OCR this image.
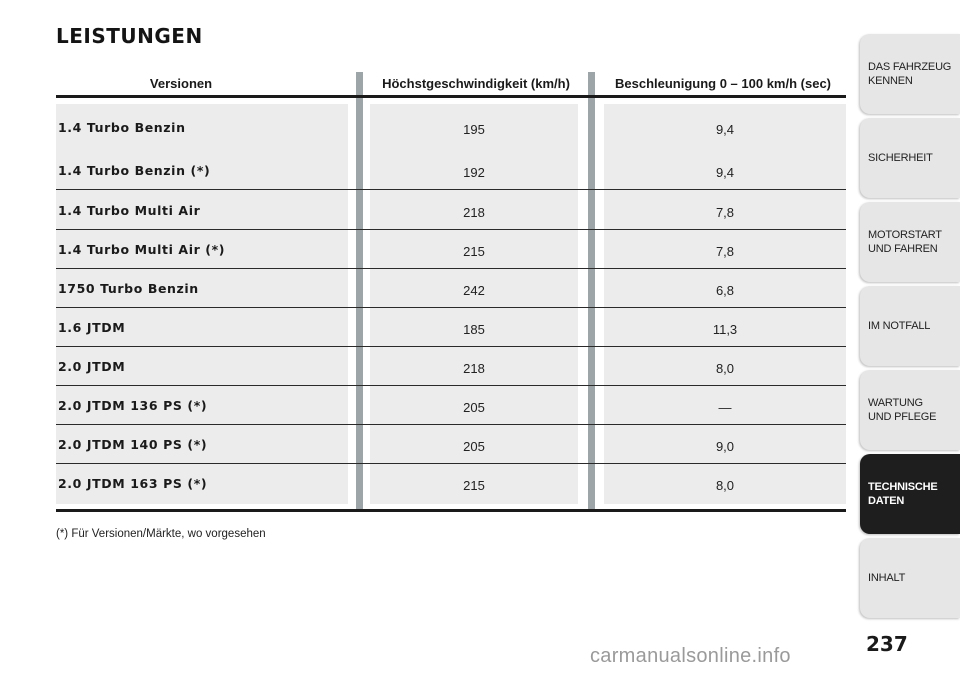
LEISTUNGEN
Versionen	Höchstgeschwindigkeit (km/h)	Beschleunigung 0 – 100 km/h (sec)
1.4 Turbo Benzin	195	9,4
1.4 Turbo Benzin (*)	192	9,4
1.4 Turbo Multi Air	218	7,8
1.4 Turbo Multi Air (*)	215	7,8
1750 Turbo Benzin	242	6,8
1.6 JTDM	185	11,3
2.0 JTDM	218	8,0
2.0 JTDM 136 PS (*)	205	—
2.0 JTDM 140 PS (*)	205	9,0
2.0 JTDM 163 PS (*)	215	8,0
(*) Für Versionen/Märkte, wo vorgesehen
DAS FAHRZEUG
KENNEN
SICHERHEIT
MOTORSTART
UND FAHREN
IM NOTFALL
WARTUNG
UND PFLEGE
TECHNISCHE
DATEN
INHALT
237
carmanualsonline.info
